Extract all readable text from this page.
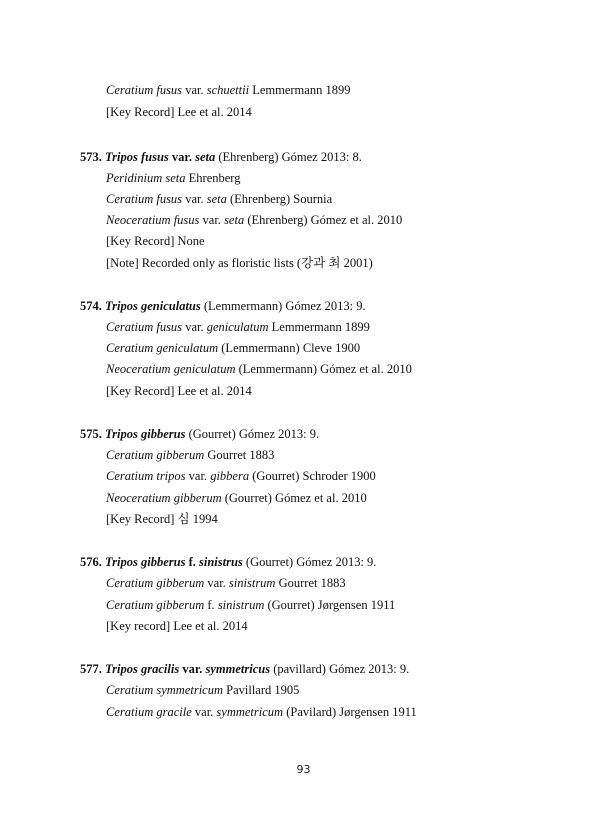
Ceratium fusus var. schuettii Lemmermann 1899
[Key Record] Lee et al. 2014
573. Tripos fusus var. seta (Ehrenberg) Gómez 2013: 8.
Peridinium seta Ehrenberg
Ceratium fusus var. seta (Ehrenberg) Sournia
Neoceratium fusus var. seta (Ehrenberg) Gómez et al. 2010
[Key Record] None
[Note] Recorded only as floristic lists (강과 최 2001)
574. Tripos geniculatus (Lemmermann) Gómez 2013: 9.
Ceratium fusus var. geniculatum Lemmermann 1899
Ceratium geniculatum (Lemmermann) Cleve 1900
Neoceratium geniculatum (Lemmermann) Gómez et al. 2010
[Key Record] Lee et al. 2014
575. Tripos gibberus (Gourret) Gómez 2013: 9.
Ceratium gibberum Gourret 1883
Ceratium tripos var. gibbera (Gourret) Schroder 1900
Neoceratium gibberum (Gourret) Gómez et al. 2010
[Key Record] 심 1994
576. Tripos gibberus f. sinistrus (Gourret) Gómez 2013: 9.
Ceratium gibberum var. sinistrum Gourret 1883
Ceratium gibberum f. sinistrum (Gourret) Jørgensen 1911
[Key record] Lee et al. 2014
577. Tripos gracilis var. symmetricus (pavillard) Gómez 2013: 9.
Ceratium symmetricum Pavillard 1905
Ceratium gracile var. symmetricum (Pavilard) Jørgensen 1911
93
